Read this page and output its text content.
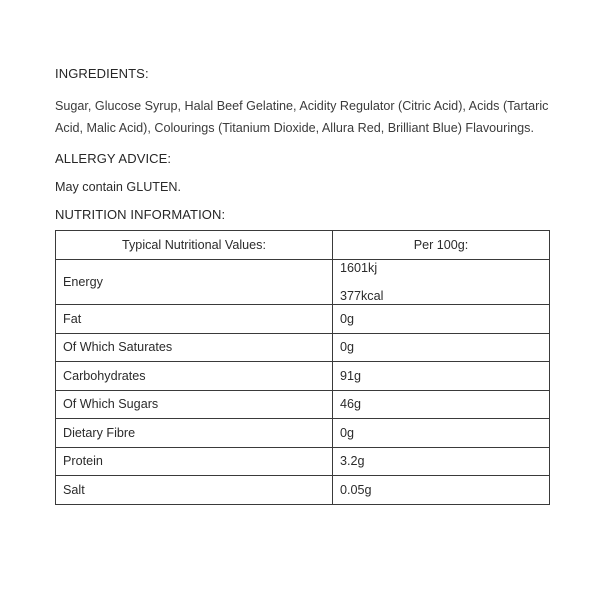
INGREDIENTS:
Sugar, Glucose Syrup, Halal Beef Gelatine, Acidity Regulator (Citric Acid), Acids (Tartaric Acid, Malic Acid), Colourings (Titanium Dioxide, Allura Red, Brilliant Blue) Flavourings.
ALLERGY ADVICE:
May contain GLUTEN.
NUTRITION INFORMATION:
Typical Nutritional Values:	Per 100g:
Energy	1601kj
377kcal

Fat	0g
Of Which Saturates	0g
Carbohydrates	91g
Of Which Sugars	46g
Dietary Fibre	0g
Protein	3.2g
Salt	0.05g
